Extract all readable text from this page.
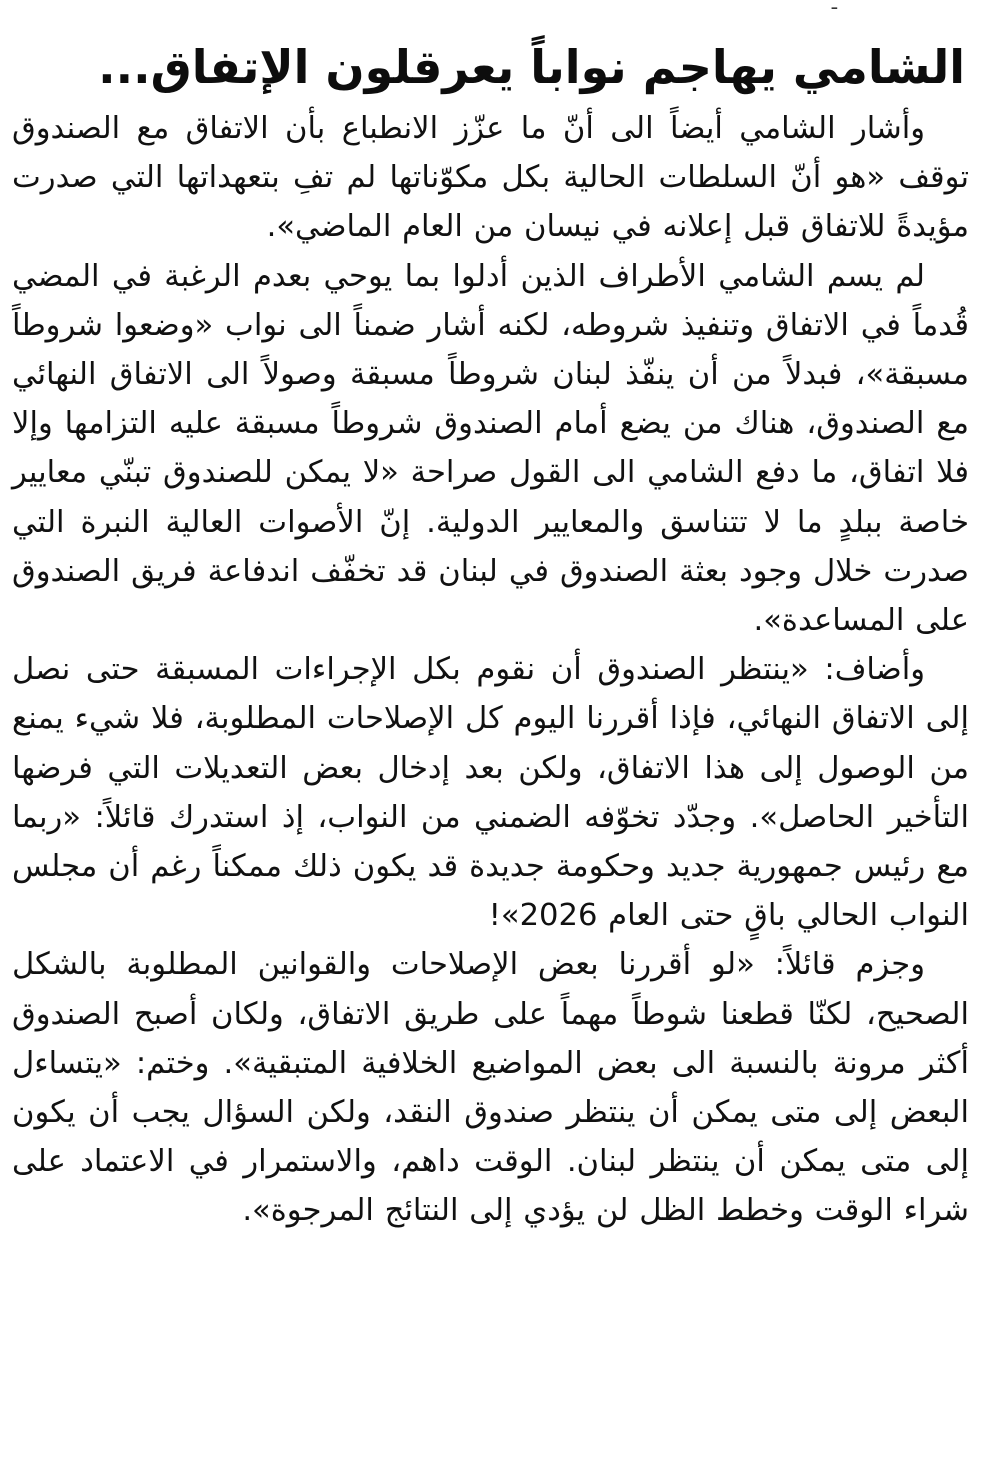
ـ
الشامي يهاجم نواباً يعرقلون الإتفاق...

وأشار الشامي أيضاً الى أنّ ما عزّز الانطباع بأن الاتفاق مع الصندوق توقف «هو أنّ السلطات الحالية بكل مكوّناتها لم تفِ بتعهداتها التي صدرت مؤيدةً للاتفاق قبل إعلانه في نيسان من العام الماضي».

لم يسم الشامي الأطراف الذين أدلوا بما يوحي بعدم الرغبة في المضي قُدماً في الاتفاق وتنفيذ شروطه، لكنه أشار ضمناً الى نواب «وضعوا شروطاً مسبقة»، فبدلاً من أن ينفّذ لبنان شروطاً مسبقة وصولاً الى الاتفاق النهائي مع الصندوق، هناك من يضع أمام الصندوق شروطاً مسبقة عليه التزامها وإلا فلا اتفاق، ما دفع الشامي الى القول صراحة «لا يمكن للصندوق تبنّي معايير خاصة ببلدٍ ما لا تتناسق والمعايير الدولية. إنّ الأصوات العالية النبرة التي صدرت خلال وجود بعثة الصندوق في لبنان قد تخفّف اندفاعة فريق الصندوق على المساعدة».

وأضاف: «ينتظر الصندوق أن نقوم بكل الإجراءات المسبقة حتى نصل إلى الاتفاق النهائي، فإذا أقررنا اليوم كل الإصلاحات المطلوبة، فلا شيء يمنع من الوصول إلى هذا الاتفاق، ولكن بعد إدخال بعض التعديلات التي فرضها التأخير الحاصل». وجدّد تخوّفه الضمني من النواب، إذ استدرك قائلاً: «ربما مع رئيس جمهورية جديد وحكومة جديدة قد يكون ذلك ممكناً رغم أن مجلس النواب الحالي باقٍ حتى العام 2026»!

وجزم قائلاً: «لو أقررنا بعض الإصلاحات والقوانين المطلوبة بالشكل الصحيح، لكنّا قطعنا شوطاً مهماً على طريق الاتفاق، ولكان أصبح الصندوق أكثر مرونة بالنسبة الى بعض المواضيع الخلافية المتبقية». وختم: «يتساءل البعض إلى متى يمكن أن ينتظر صندوق النقد، ولكن السؤال يجب أن يكون إلى متى يمكن أن ينتظر لبنان. الوقت داهم، والاستمرار في الاعتماد على شراء الوقت وخطط الظل لن يؤدي إلى النتائج المرجوة».
